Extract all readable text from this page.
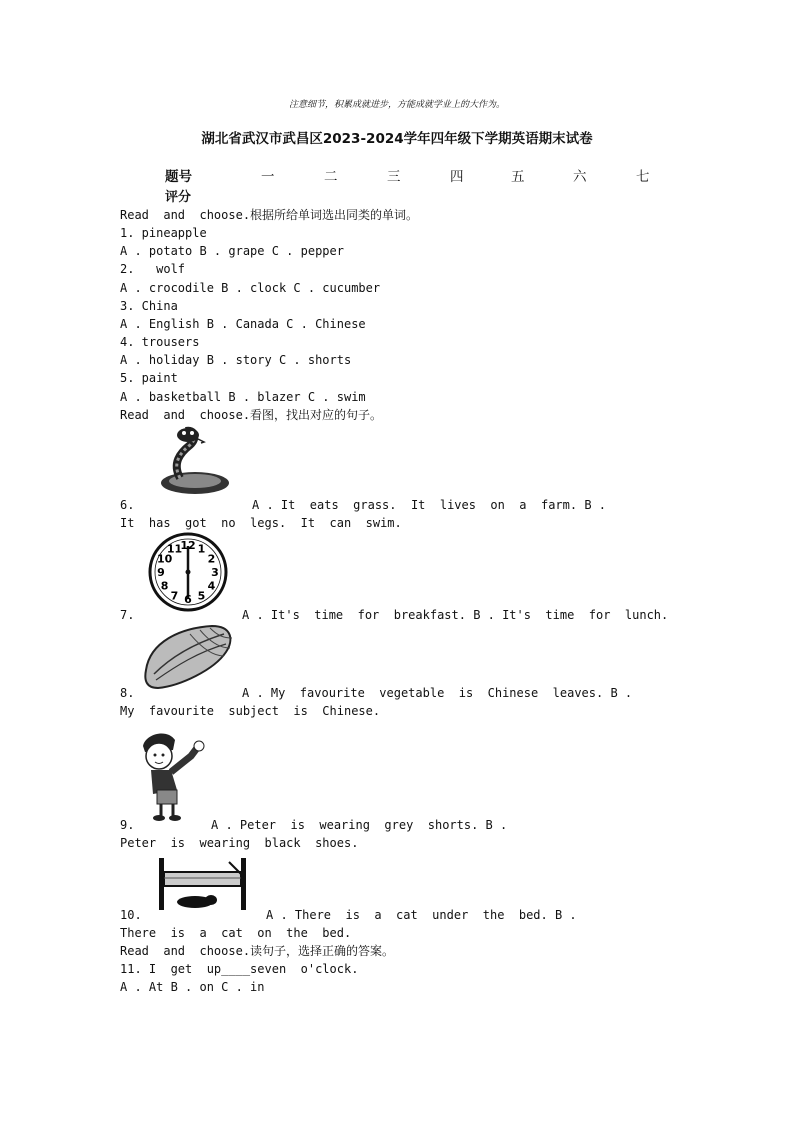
注意细节，积累成就进步，方能成就学业上的大作为。
湖北省武汉市武昌区2023-2024学年四年级下学期英语期末试卷
题号	一	二	三	四	五	六	七
评分
Read  and  choose.根据所给单词选出同类的单词。
1. pineapple
A . potato B . grape C . pepper
2.   wolf
A . crocodile B . clock C . cucumber
3. China
A . English B . Canada C . Chinese
4. trousers
A . holiday B . story C . shorts
5. paint
A . basketball B . blazer C . swim
Read  and  choose.看图，找出对应的句子。
6.	A . It  eats  grass.  It  lives  on  a  farm. B .
It  has  got  no  legs.  It  can  swim.
12 1
2
3
4
5
6
7
8
9
10
11
7.	A . It's  time  for  breakfast. B . It's  time  for  lunch.
8.	A . My  favourite  vegetable  is  Chinese  leaves. B .
My  favourite  subject  is  Chinese.
9.	A . Peter  is  wearing  grey  shorts. B .
Peter  is  wearing  black  shoes.
10.	A . There  is  a  cat  under  the  bed. B .
There  is  a  cat  on  the  bed.
Read  and  choose.读句子，选择正确的答案。
11. I  get  up____seven  o'clock.
A . At B . on C . in
